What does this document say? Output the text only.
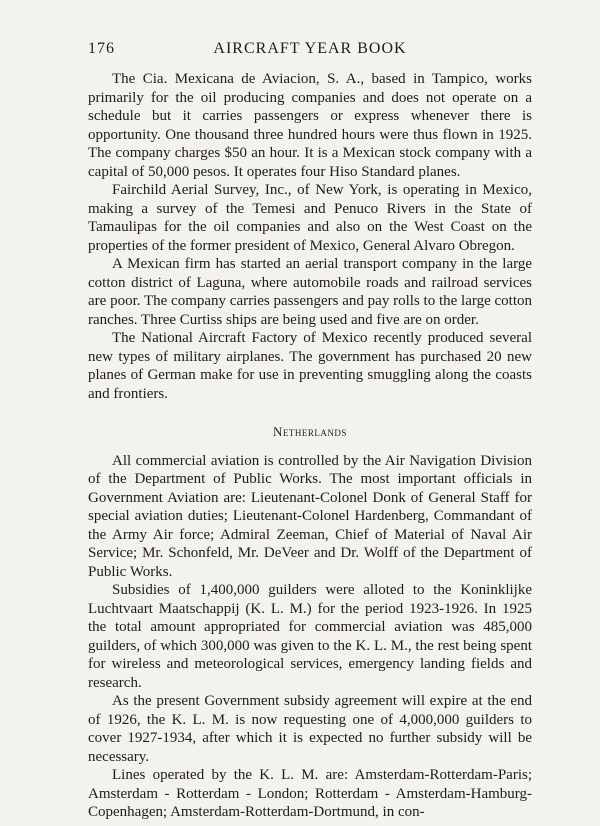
176	AIRCRAFT YEAR BOOK

The Cia. Mexicana de Aviacion, S. A., based in Tampico, works primarily for the oil producing companies and does not operate on a schedule but it carries passengers or express whenever there is opportunity. One thousand three hundred hours were thus flown in 1925. The company charges $50 an hour. It is a Mexican stock company with a capital of 50,000 pesos. It operates four Hiso Standard planes.

Fairchild Aerial Survey, Inc., of New York, is operating in Mexico, making a survey of the Temesi and Penuco Rivers in the State of Tamaulipas for the oil companies and also on the West Coast on the properties of the former president of Mexico, General Alvaro Obregon.

A Mexican firm has started an aerial transport company in the large cotton district of Laguna, where automobile roads and railroad services are poor. The company carries passengers and pay rolls to the large cotton ranches. Three Curtiss ships are being used and five are on order.

The National Aircraft Factory of Mexico recently produced several new types of military airplanes. The government has purchased 20 new planes of German make for use in preventing smuggling along the coasts and frontiers.

Netherlands

All commercial aviation is controlled by the Air Navigation Division of the Department of Public Works. The most important officials in Government Aviation are: Lieutenant-Colonel Donk of General Staff for special aviation duties; Lieutenant-Colonel Hardenberg, Commandant of the Army Air force; Admiral Zeeman, Chief of Material of Naval Air Service; Mr. Schonfeld, Mr. DeVeer and Dr. Wolff of the Department of Public Works.

Subsidies of 1,400,000 guilders were alloted to the Koninklijke Luchtvaart Maatschappij (K. L. M.) for the period 1923-1926. In 1925 the total amount appropriated for commercial aviation was 485,000 guilders, of which 300,000 was given to the K. L. M., the rest being spent for wireless and meteorological services, emergency landing fields and research.

As the present Government subsidy agreement will expire at the end of 1926, the K. L. M. is now requesting one of 4,000,000 guilders to cover 1927-1934, after which it is expected no further subsidy will be necessary.

Lines operated by the K. L. M. are: Amsterdam-Rotterdam-Paris; Amsterdam - Rotterdam - London; Rotterdam - Amsterdam-Hamburg-Copenhagen; Amsterdam-Rotterdam-Dortmund, in con-
